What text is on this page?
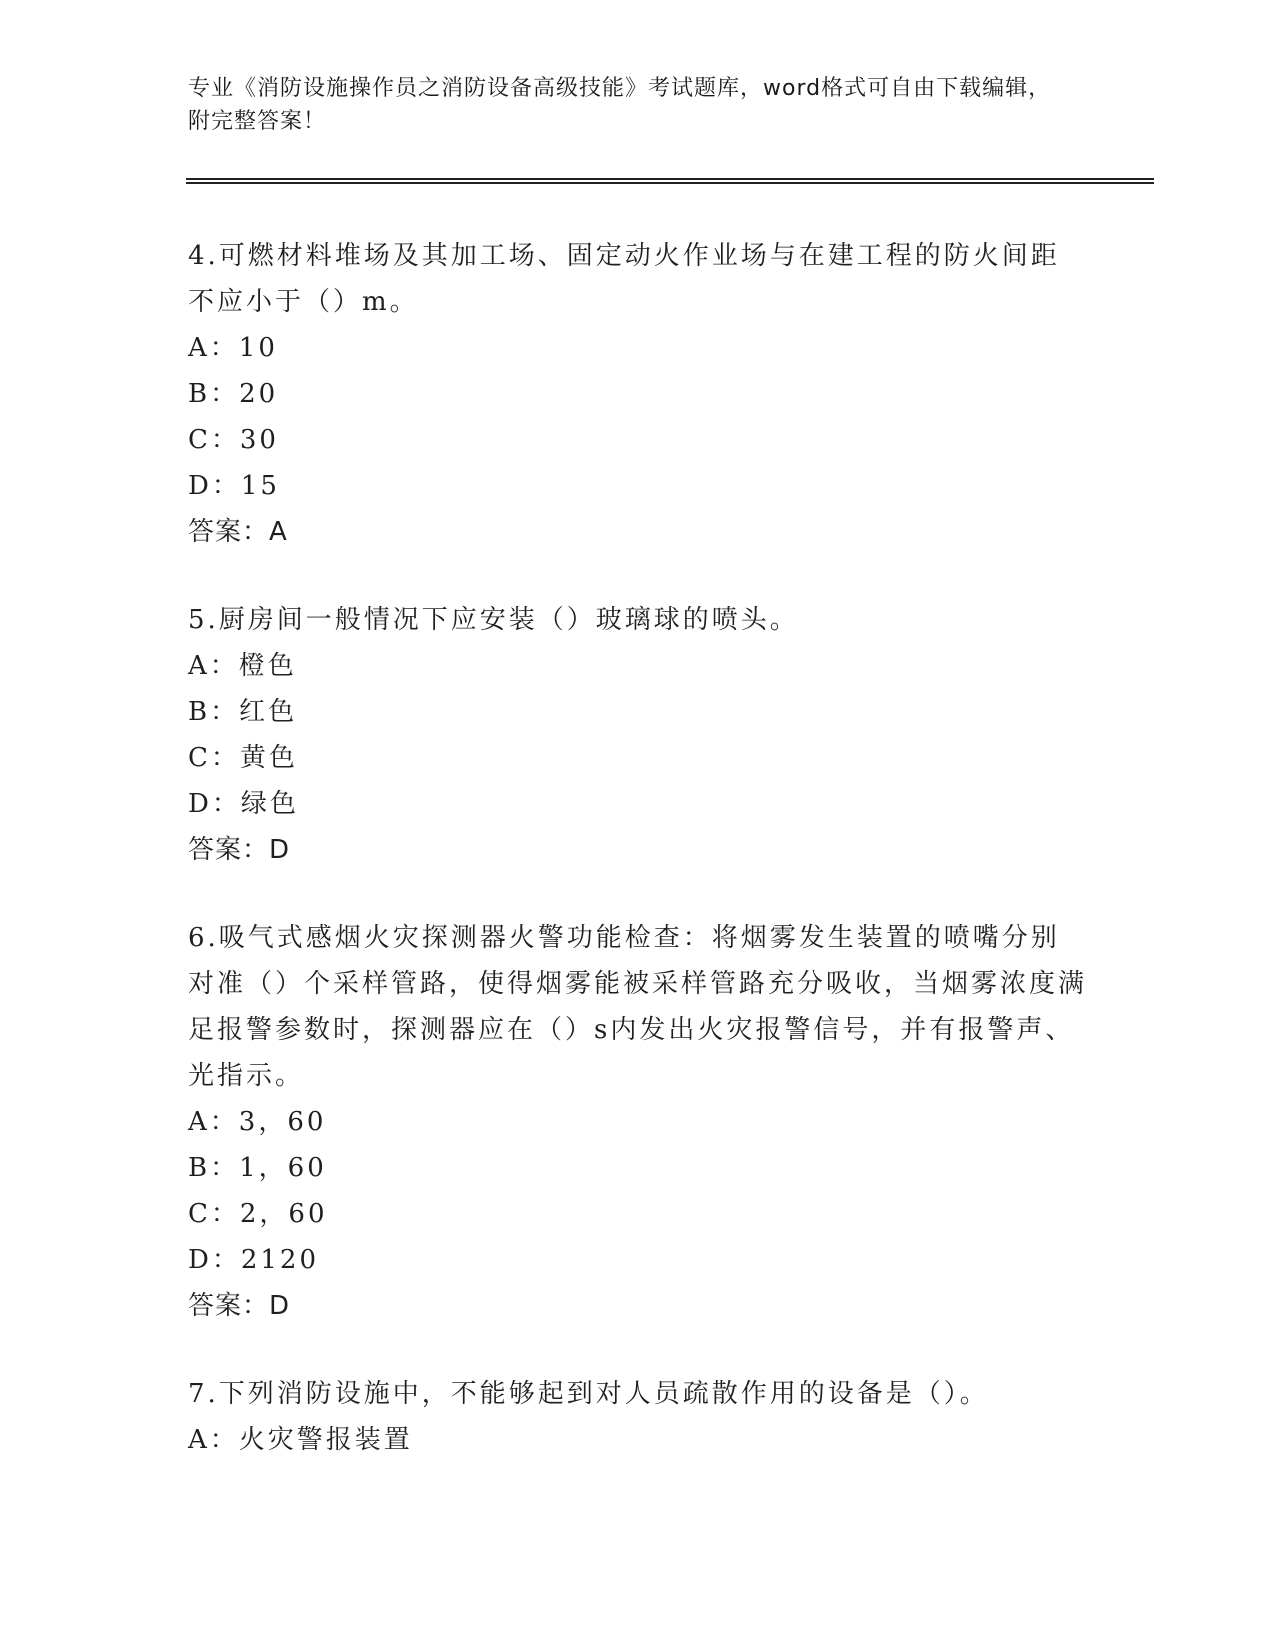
专业《消防设施操作员之消防设备高级技能》考试题库，word格式可自由下载编辑，附完整答案！

4.可燃材料堆场及其加工场、固定动火作业场与在建工程的防火间距不应小于（）m。

A：10

B：20

C：30

D：15

答案：A

5.厨房间一般情况下应安装（）玻璃球的喷头。

A：橙色

B：红色

C：黄色

D：绿色

答案：D

6.吸气式感烟火灾探测器火警功能检查：将烟雾发生装置的喷嘴分别对准（）个采样管路，使得烟雾能被采样管路充分吸收，当烟雾浓度满足报警参数时，探测器应在（）s内发出火灾报警信号，并有报警声、光指示。

A：3，60

B：1，60

C：2，60

D：2120

答案：D

7.下列消防设施中，不能够起到对人员疏散作用的设备是（）。

A：火灾警报装置
